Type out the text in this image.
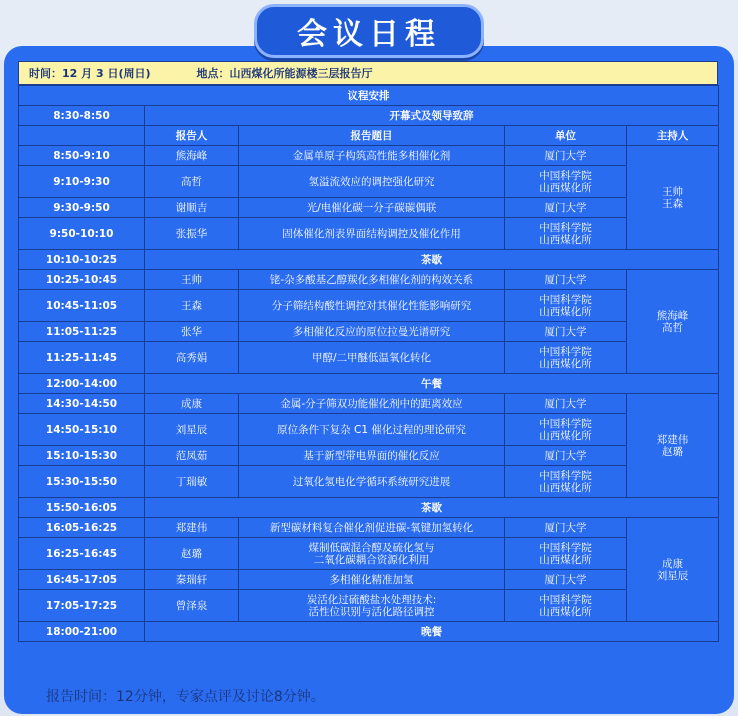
会议日程
时间：12 月 3 日(周日)	地点：山西煤化所能源楼三层报告厅
议程安排				
8:30-8:50	开幕式及领导致辞			
	报告人	报告题目	单位	主持人
8:50-9:10	熊海峰	金属单原子构筑高性能多相催化剂	厦门大学	王帅
王森
9:10-9:30	高哲	氢溢流效应的调控强化研究	中国科学院
山西煤化所	
9:30-9:50	谢顺吉	光/电催化碳一分子碳碳偶联	厦门大学	
9:50-10:10	张振华	固体催化剂表界面结构调控及催化作用	中国科学院
山西煤化所	
10:10-10:25	茶歇			
10:25-10:45	王帅	铑-杂多酸基乙醇羰化多相催化剂的构效关系	厦门大学	熊海峰
高哲
10:45-11:05	王森	分子筛结构酸性调控对其催化性能影响研究	中国科学院
山西煤化所	
11:05-11:25	张华	多相催化反应的原位拉曼光谱研究	厦门大学	
11:25-11:45	高秀娟	甲醇/二甲醚低温氧化转化	中国科学院
山西煤化所	
12:00-14:00	午餐			
14:30-14:50	成康	金属-分子筛双功能催化剂中的距离效应	厦门大学	郑建伟
赵璐
14:50-15:10	刘星辰	原位条件下复杂 C1 催化过程的理论研究	中国科学院
山西煤化所	
15:10-15:30	范凤茹	基于新型带电界面的催化反应	厦门大学	
15:30-15:50	丁瑞敏	过氧化氢电化学循环系统研究进展	中国科学院
山西煤化所	
15:50-16:05	茶歇			
16:05-16:25	郑建伟	新型碳材料复合催化剂促进碳-氧键加氢转化	厦门大学	成康
刘星辰
16:25-16:45	赵璐	煤制低碳混合醇及硫化氢与
二氧化碳耦合资源化利用	中国科学院
山西煤化所	
16:45-17:05	秦瑞轩	多相催化精准加氢	厦门大学	
17:05-17:25	曾泽泉	炭活化过硫酸盐水处理技术:
活性位识别与活化路径调控	中国科学院
山西煤化所	
18:00-21:00	晚餐			
报告时间：12分钟，专家点评及讨论8分钟。
